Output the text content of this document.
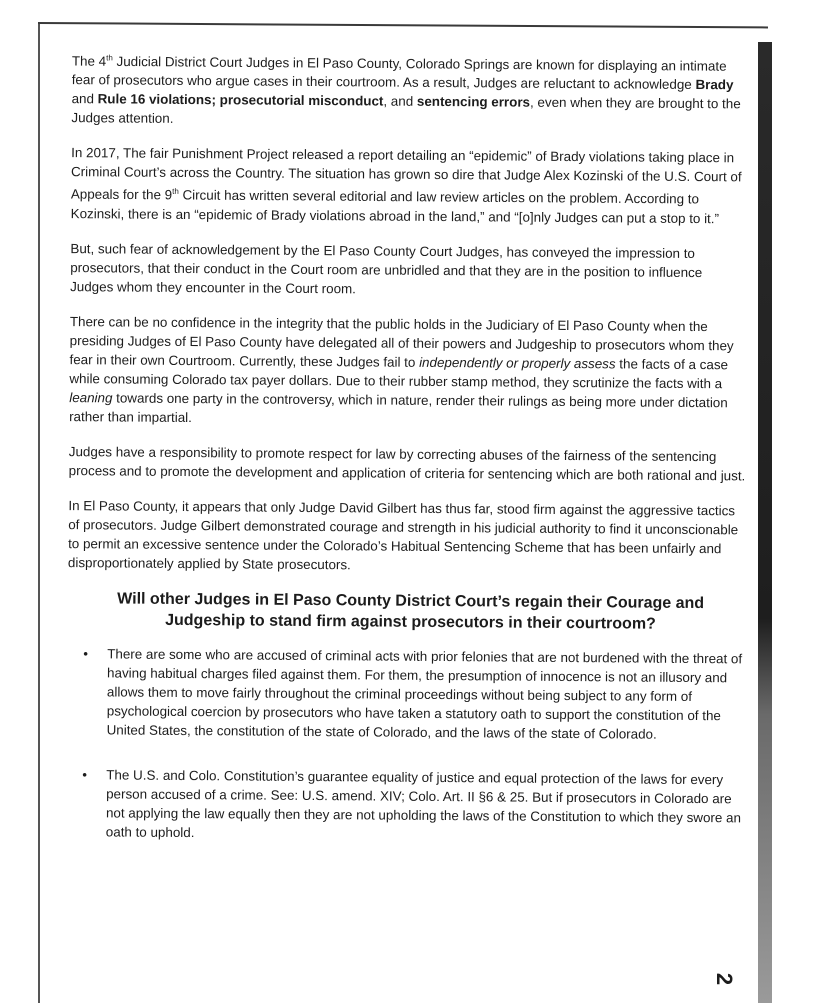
The 4th Judicial District Court Judges in El Paso County, Colorado Springs are known for displaying an intimate fear of prosecutors who argue cases in their courtroom. As a result, Judges are reluctant to acknowledge Brady and Rule 16 violations; prosecutorial misconduct, and sentencing errors, even when they are brought to the Judges attention.

In 2017, The fair Punishment Project released a report detailing an “epidemic” of Brady violations taking place in Criminal Court’s across the Country. The situation has grown so dire that Judge Alex Kozinski of the U.S. Court of Appeals for the 9th Circuit has written several editorial and law review articles on the problem. According to Kozinski, there is an “epidemic of Brady violations abroad in the land,” and “[o]nly Judges can put a stop to it.”

But, such fear of acknowledgement by the El Paso County Court Judges, has conveyed the impression to prosecutors, that their conduct in the Court room are unbridled and that they are in the position to influence Judges whom they encounter in the Court room.

There can be no confidence in the integrity that the public holds in the Judiciary of El Paso County when the presiding Judges of El Paso County have delegated all of their powers and Judgeship to prosecutors whom they fear in their own Courtroom. Currently, these Judges fail to independently or properly assess the facts of a case while consuming Colorado tax payer dollars. Due to their rubber stamp method, they scrutinize the facts with a leaning towards one party in the controversy, which in nature, render their rulings as being more under dictation rather than impartial.

Judges have a responsibility to promote respect for law by correcting abuses of the fairness of the sentencing process and to promote the development and application of criteria for sentencing which are both rational and just.

In El Paso County, it appears that only Judge David Gilbert has thus far, stood firm against the aggressive tactics of prosecutors. Judge Gilbert demonstrated courage and strength in his judicial authority to find it unconscionable to permit an excessive sentence under the Colorado’s Habitual Sentencing Scheme that has been unfairly and disproportionately applied by State prosecutors.

Will other Judges in El Paso County District Court’s regain their Courage and Judgeship to stand firm against prosecutors in their courtroom?
• There are some who are accused of criminal acts with prior felonies that are not burdened with the threat of having habitual charges filed against them. For them, the presumption of innocence is not an illusory and allows them to move fairly throughout the criminal proceedings without being subject to any form of psychological coercion by prosecutors who have taken a statutory oath to support the constitution of the United States, the constitution of the state of Colorado, and the laws of the state of Colorado.
• The U.S. and Colo. Constitution’s guarantee equality of justice and equal protection of the laws for every person accused of a crime. See: U.S. amend. XIV; Colo. Art. II §6 & 25. But if prosecutors in Colorado are not applying the law equally then they are not upholding the laws of the Constitution to which they swore an oath to uphold.
2
